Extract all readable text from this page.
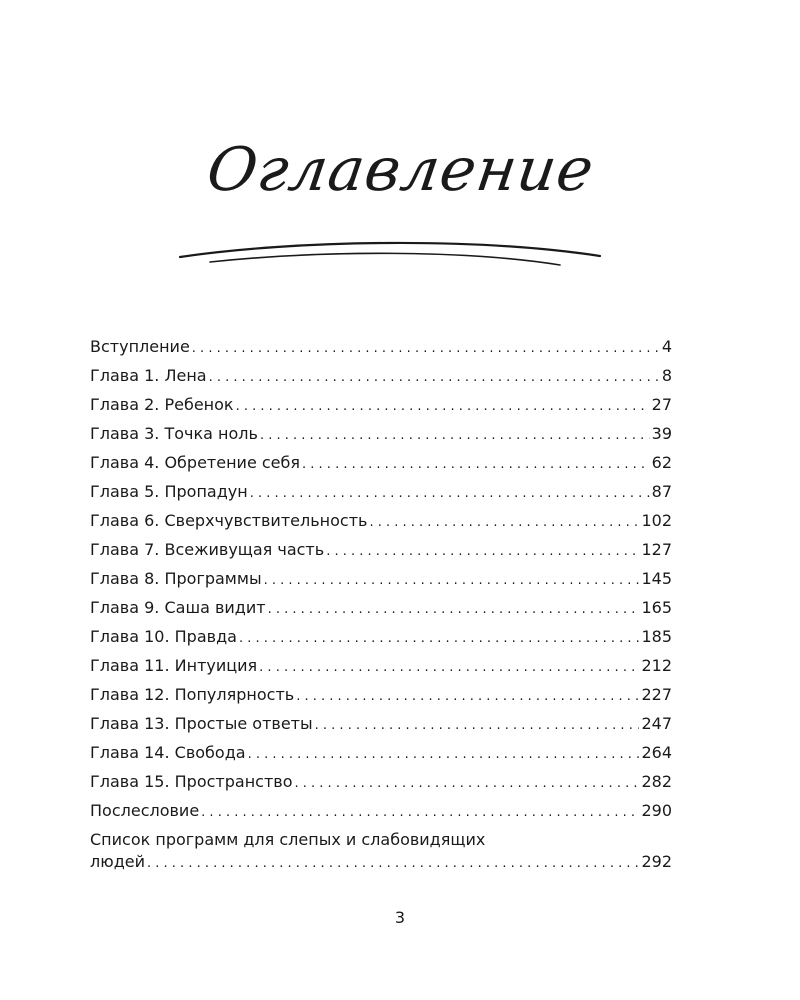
Оглавление
Вступление . . .	4
Глава 1. Лена . . .	8
Глава 2. Ребенок . . .	27
Глава 3. Точка ноль . . .	39
Глава 4. Обретение себя . . .	62
Глава 5. Пропадун . . .	87
Глава 6. Сверхчувствительность . . .	102
Глава 7. Всеживущая часть . . .	127
Глава 8. Программы . . .	145
Глава 9. Саша видит . . .	165
Глава 10. Правда . . .	185
Глава 11. Интуиция . . .	212
Глава 12. Популярность . . .	227
Глава 13. Простые ответы . . .	247
Глава 14. Свобода . . .	264
Глава 15. Пространство . . .	282
Послесловие . . .	290
Список программ для слепых и слабовидящих
людей . . .	292
3
